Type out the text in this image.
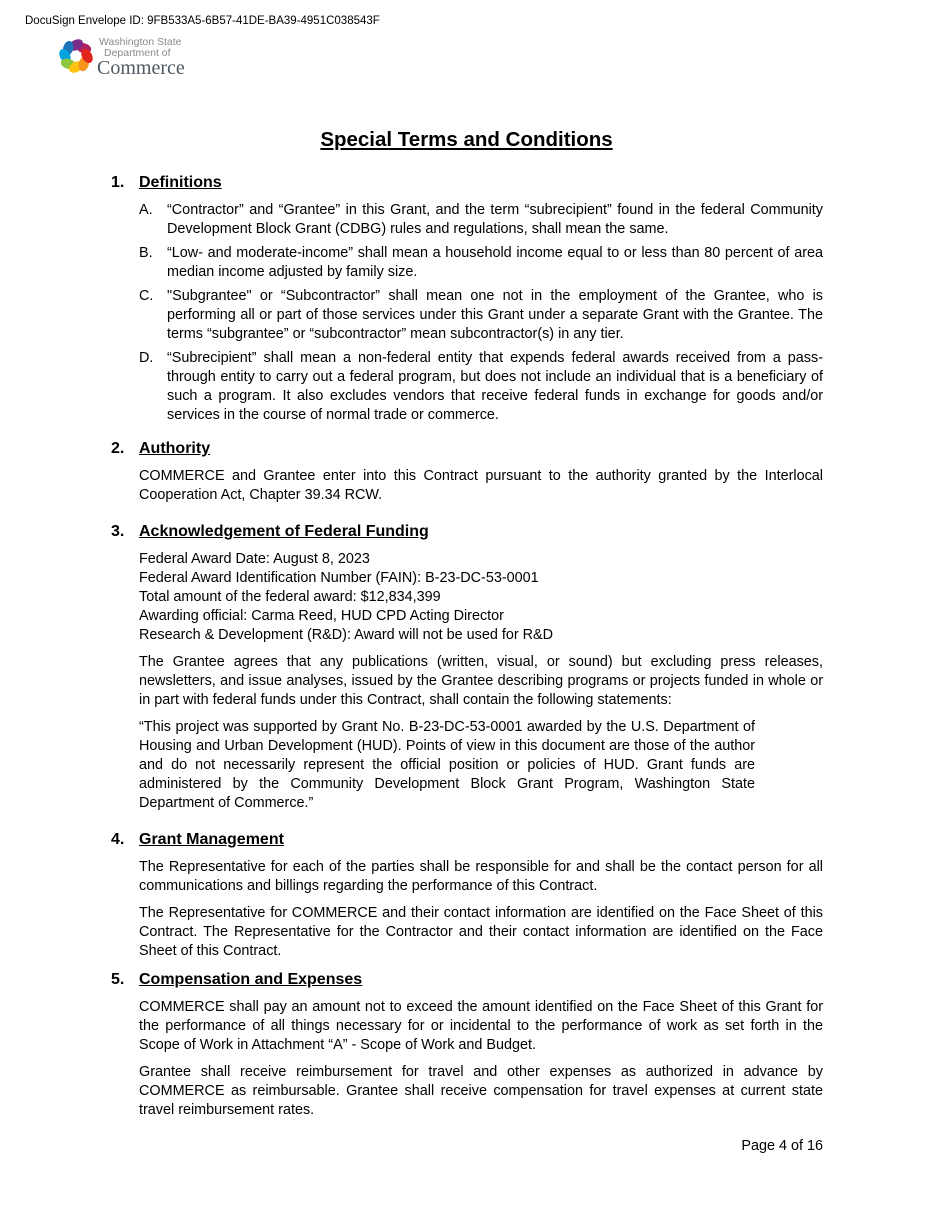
DocuSign Envelope ID: 9FB533A5-6B57-41DE-BA39-4951C038543F
Washington State
Department of
Commerce
Special Terms and Conditions
1. Definitions
A. “Contractor” and “Grantee” in this Grant, and the term “subrecipient” found in the federal Community Development Block Grant (CDBG) rules and regulations, shall mean the same.
B. “Low- and moderate-income” shall mean a household income equal to or less than 80 percent of area median income adjusted by family size.
C. "Subgrantee" or “Subcontractor” shall mean one not in the employment of the Grantee, who is performing all or part of those services under this Grant under a separate Grant with the Grantee. The terms “subgrantee” or “subcontractor” mean subcontractor(s) in any tier.
D. “Subrecipient” shall mean a non-federal entity that expends federal awards received from a pass-through entity to carry out a federal program, but does not include an individual that is a beneficiary of such a program. It also excludes vendors that receive federal funds in exchange for goods and/or services in the course of normal trade or commerce.
2. Authority

COMMERCE and Grantee enter into this Contract pursuant to the authority granted by the Interlocal Cooperation Act, Chapter 39.34 RCW.

3. Acknowledgement of Federal Funding
Federal Award Date: August 8, 2023
Federal Award Identification Number (FAIN): B-23-DC-53-0001
Total amount of the federal award: $12,834,399
Awarding official: Carma Reed, HUD CPD Acting Director
Research & Development (R&D): Award will not be used for R&D

The Grantee agrees that any publications (written, visual, or sound) but excluding press releases, newsletters, and issue analyses, issued by the Grantee describing programs or projects funded in whole or in part with federal funds under this Contract, shall contain the following statements:

“This project was supported by Grant No. B-23-DC-53-0001 awarded by the U.S. Department of Housing and Urban Development (HUD). Points of view in this document are those of the author and do not necessarily represent the official position or policies of HUD. Grant funds are administered by the Community Development Block Grant Program, Washington State Department of Commerce.”
4. Grant Management

The Representative for each of the parties shall be responsible for and shall be the contact person for all communications and billings regarding the performance of this Contract.

The Representative for COMMERCE and their contact information are identified on the Face Sheet of this Contract. The Representative for the Contractor and their contact information are identified on the Face Sheet of this Contract.

5. Compensation and Expenses

COMMERCE shall pay an amount not to exceed the amount identified on the Face Sheet of this Grant for the performance of all things necessary for or incidental to the performance of work as set forth in the Scope of Work in Attachment “A” - Scope of Work and Budget.

Grantee shall receive reimbursement for travel and other expenses as authorized in advance by COMMERCE as reimbursable. Grantee shall receive compensation for travel expenses at current state travel reimbursement rates.

Page 4 of 16
